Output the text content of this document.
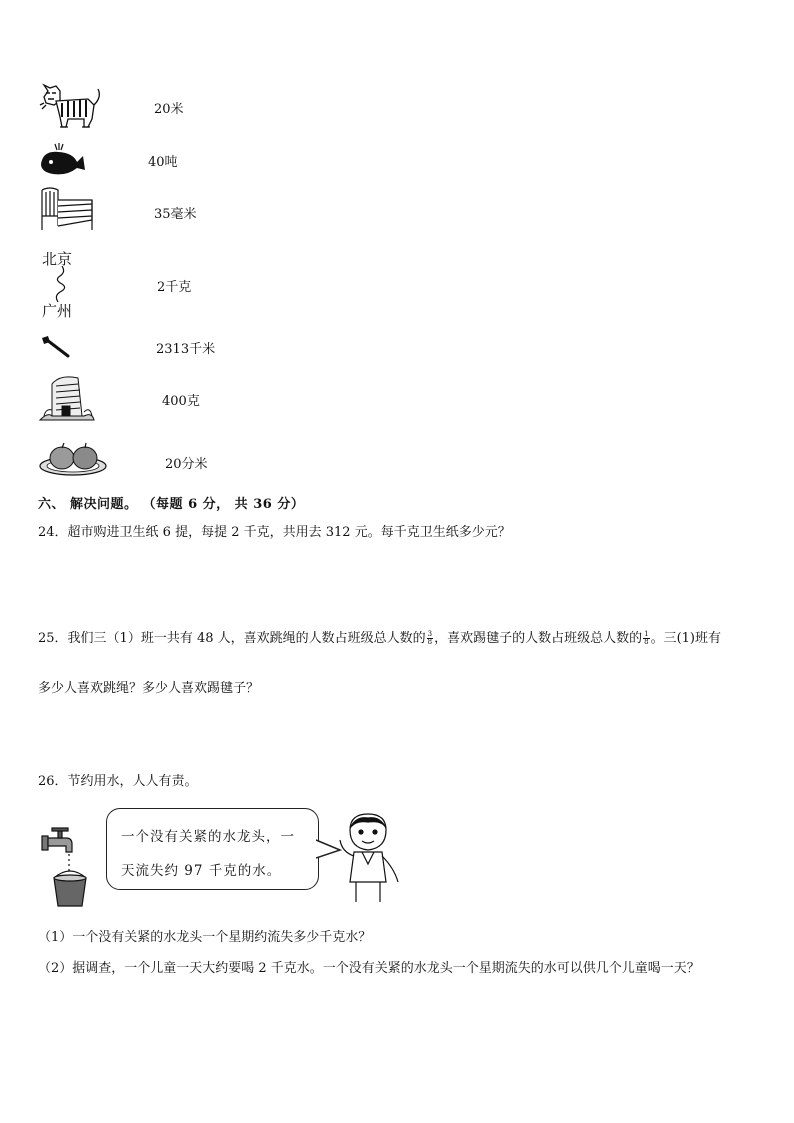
20米
40吨
35毫米
北京
广州
2千克
2313千米
400克
20分米
六、 解决问题。 （每题 6 分， 共 36 分）
24．超市购进卫生纸 6 提，每提 2 千克，共用去 312 元。每千克卫生纸多少元？
25．我们三（1）班一共有 48 人，喜欢跳绳的人数占班级总人数的 $\frac{3}{8}$ ，喜欢踢毽子的人数占班级总人数的 $\frac{1}{8}$ 。三(1)班有
多少人喜欢跳绳？多少人喜欢踢毽子？
26．节约用水，人人有责。
一个没有关紧的水龙头，一
天流失约 97 千克的水。
（1）一个没有关紧的水龙头一个星期约流失多少千克水？
（2）据调查，一个儿童一天大约要喝 2 千克水。一个没有关紧的水龙头一个星期流失的水可以供几个儿童喝一天？
